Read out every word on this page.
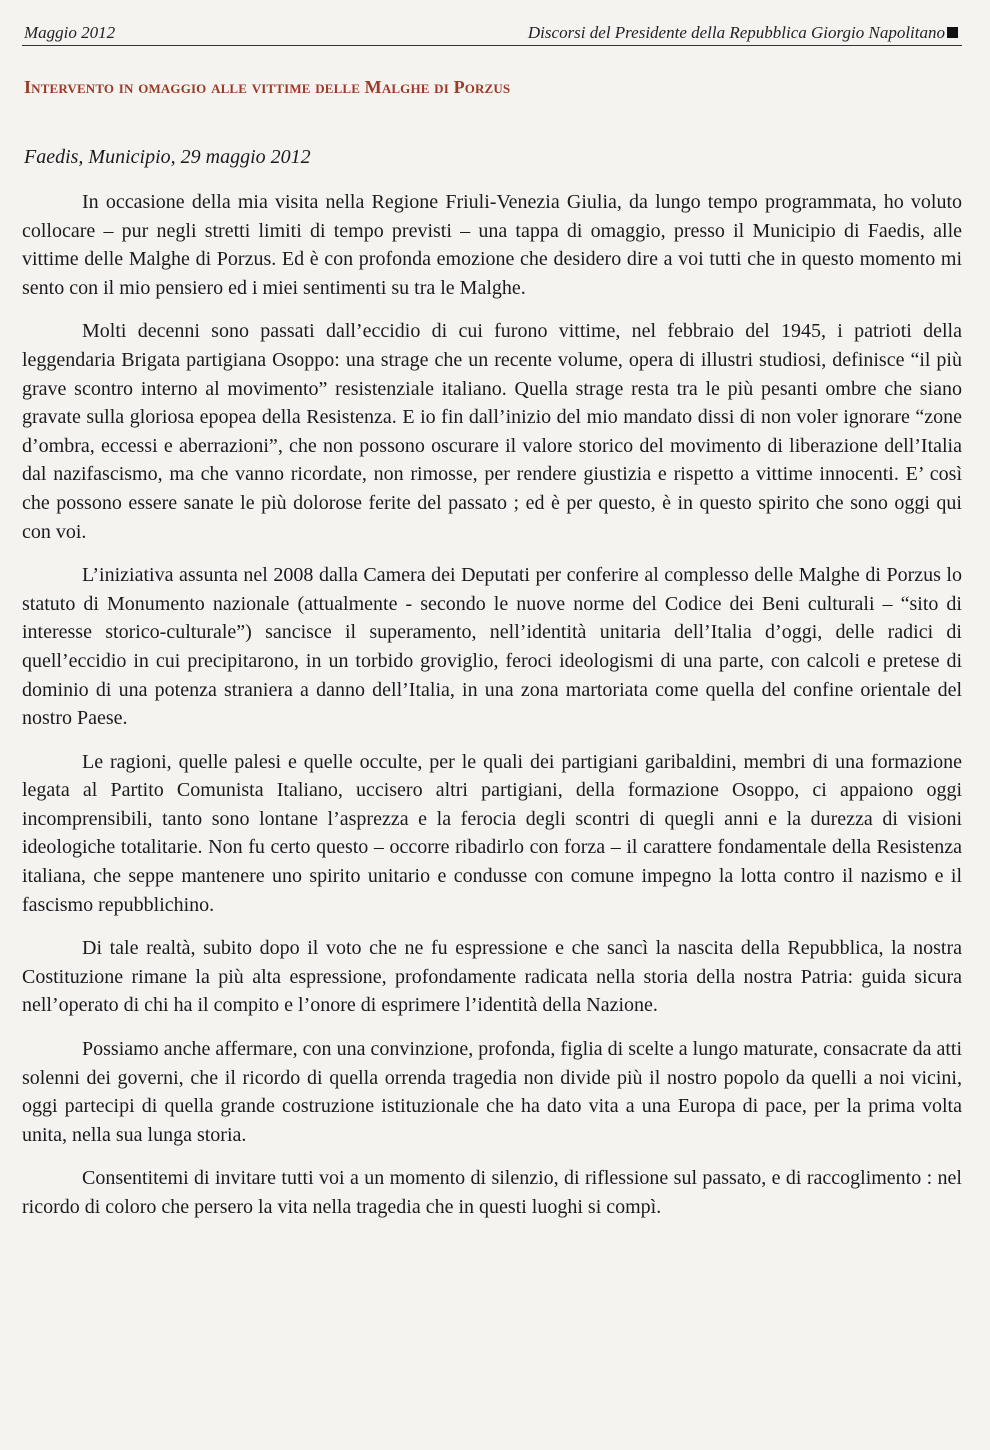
Maggio 2012	Discorsi del Presidente della Repubblica Giorgio Napolitano
Intervento in omaggio alle vittime delle Malghe di Porzus
Faedis, Municipio, 29 maggio 2012

In occasione della mia visita nella Regione Friuli-Venezia Giulia, da lungo tempo programmata, ho voluto collocare – pur negli stretti limiti di tempo previsti – una tappa di omaggio, presso il Municipio di Faedis, alle vittime delle Malghe di Porzus. Ed è con profonda emozione che desidero dire a voi tutti che in questo momento mi sento con il mio pensiero ed i miei sentimenti su tra le Malghe.

Molti decenni sono passati dall’eccidio di cui furono vittime, nel febbraio del 1945, i patrioti della leggendaria Brigata partigiana Osoppo: una strage che un recente volume, opera di illustri studiosi, definisce “il più grave scontro interno al movimento” resistenziale italiano. Quella strage resta tra le più pesanti ombre che siano gravate sulla gloriosa epopea della Resistenza. E io fin dall’inizio del mio mandato dissi di non voler ignorare “zone d’ombra, eccessi e aberrazioni”, che non possono oscurare il valore storico del movimento di liberazione dell’Italia dal nazifascismo, ma che vanno ricordate, non rimosse, per rendere giustizia e rispetto a vittime innocenti. E’ così che possono essere sanate le più dolorose ferite del passato ; ed è per questo, è in questo spirito che sono oggi qui con voi.

L’iniziativa assunta nel 2008 dalla Camera dei Deputati per conferire al complesso delle Malghe di Porzus lo statuto di Monumento nazionale (attualmente - secondo le nuove norme del Codice dei Beni culturali – “sito di interesse storico-culturale”) sancisce il superamento, nell’identità unitaria dell’Italia d’oggi, delle radici di quell’eccidio in cui precipitarono, in un torbido groviglio, feroci ideologismi di una parte, con calcoli e pretese di dominio di una potenza straniera a danno dell’Italia, in una zona martoriata come quella del confine orientale del nostro Paese.

Le ragioni, quelle palesi e quelle occulte, per le quali dei partigiani garibaldini, membri di una formazione legata al Partito Comunista Italiano, uccisero altri partigiani, della formazione Osoppo, ci appaiono oggi incomprensibili, tanto sono lontane l’asprezza e la ferocia degli scontri di quegli anni e la durezza di visioni ideologiche totalitarie. Non fu certo questo – occorre ribadirlo con forza – il carattere fondamentale della Resistenza italiana, che seppe mantenere uno spirito unitario e condusse con comune impegno la lotta contro il nazismo e il fascismo repubblichino.

Di tale realtà, subito dopo il voto che ne fu espressione e che sancì la nascita della Repubblica, la nostra Costituzione rimane la più alta espressione, profondamente radicata nella storia della nostra Patria: guida sicura nell’operato di chi ha il compito e l’onore di esprimere l’identità della Nazione.

Possiamo anche affermare, con una convinzione, profonda, figlia di scelte a lungo maturate, consacrate da atti solenni dei governi, che il ricordo di quella orrenda tragedia non divide più il nostro popolo da quelli a noi vicini, oggi partecipi di quella grande costruzione istituzionale che ha dato vita a una Europa di pace, per la prima volta unita, nella sua lunga storia.

Consentitemi di invitare tutti voi a un momento di silenzio, di riflessione sul passato, e di raccoglimento : nel ricordo di coloro che persero la vita nella tragedia che in questi luoghi si compì.
